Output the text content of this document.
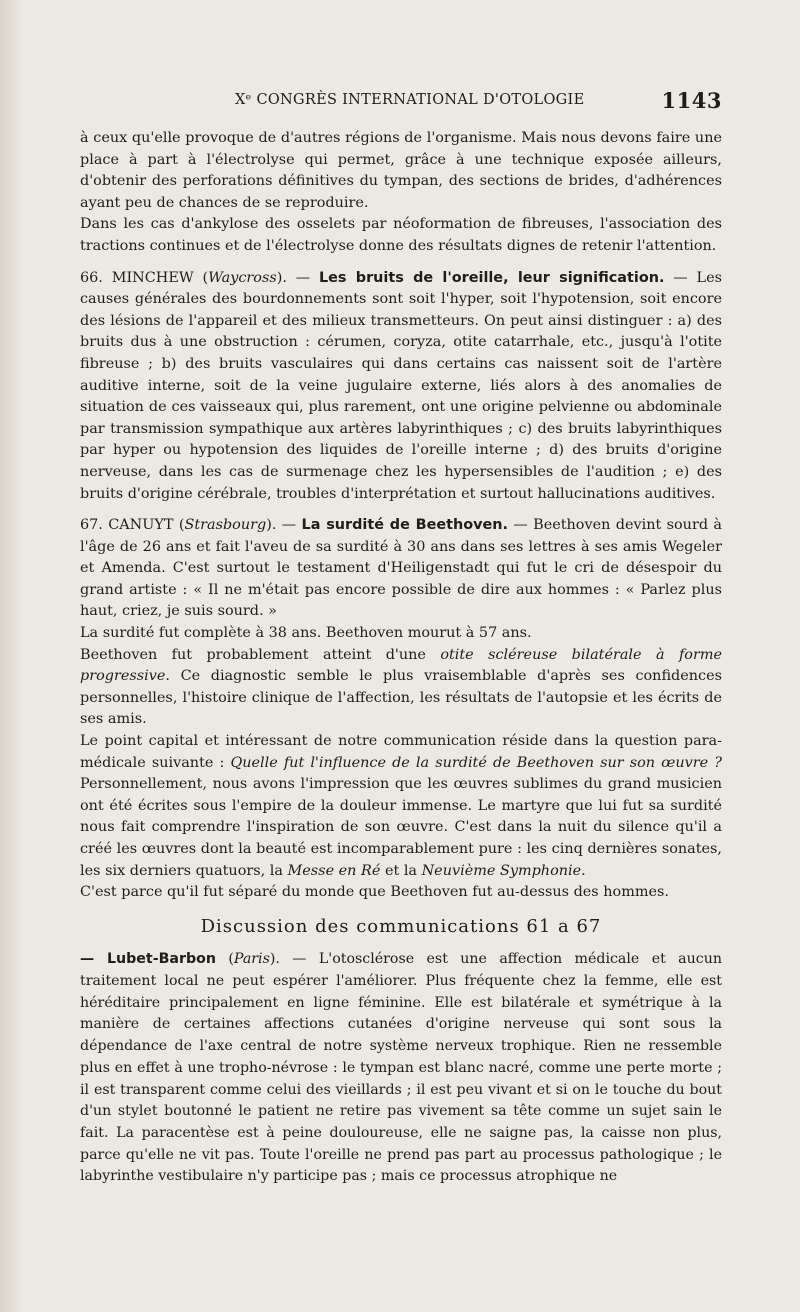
Xᵉ CONGRÈS INTERNATIONAL D'OTOLOGIE	1143

à ceux qu'elle provoque de d'autres régions de l'organisme. Mais nous devons faire une place à part à l'électrolyse qui permet, grâce à une technique exposée ailleurs, d'obtenir des perforations définitives du tympan, des sections de brides, d'adhérences ayant peu de chances de se reproduire.

Dans les cas d'ankylose des osselets par néoformation de fibreuses, l'association des tractions continues et de l'électrolyse donne des résultats dignes de retenir l'attention.

66. MINCHEW (Waycross). — Les bruits de l'oreille, leur signification. — Les causes générales des bourdonnements sont soit l'hyper, soit l'hypotension, soit encore des lésions de l'appareil et des milieux transmetteurs. On peut ainsi distinguer : a) des bruits dus à une obstruction : cérumen, coryza, otite catarrhale, etc., jusqu'à l'otite fibreuse ; b) des bruits vasculaires qui dans certains cas naissent soit de l'artère auditive interne, soit de la veine jugulaire externe, liés alors à des anomalies de situation de ces vaisseaux qui, plus rarement, ont une origine pelvienne ou abdominale par transmission sympathique aux artères labyrinthiques ; c) des bruits labyrinthiques par hyper ou hypotension des liquides de l'oreille interne ; d) des bruits d'origine nerveuse, dans les cas de surmenage chez les hypersensibles de l'audition ; e) des bruits d'origine cérébrale, troubles d'interprétation et surtout hallucinations auditives.

67. CANUYT (Strasbourg). — La surdité de Beethoven. — Beethoven devint sourd à l'âge de 26 ans et fait l'aveu de sa surdité à 30 ans dans ses lettres à ses amis Wegeler et Amenda. C'est surtout le testament d'Heiligenstadt qui fut le cri de désespoir du grand artiste : « Il ne m'était pas encore possible de dire aux hommes : « Parlez plus haut, criez, je suis sourd. »

La surdité fut complète à 38 ans. Beethoven mourut à 57 ans.

Beethoven fut probablement atteint d'une otite scléreuse bilatérale à forme progressive. Ce diagnostic semble le plus vraisemblable d'après ses confidences personnelles, l'histoire clinique de l'affection, les résultats de l'autopsie et les écrits de ses amis.

Le point capital et intéressant de notre communication réside dans la question para-médicale suivante : Quelle fut l'influence de la surdité de Beethoven sur son œuvre ? Personnellement, nous avons l'impression que les œuvres sublimes du grand musicien ont été écrites sous l'empire de la douleur immense. Le martyre que lui fut sa surdité nous fait comprendre l'inspiration de son œuvre. C'est dans la nuit du silence qu'il a créé les œuvres dont la beauté est incomparablement pure : les cinq dernières sonates, les six derniers quatuors, la Messe en Ré et la Neuvième Symphonie.

C'est parce qu'il fut séparé du monde que Beethoven fut au-dessus des hommes.

Discussion des communications 61 a 67

— Lubet-Barbon (Paris). — L'otosclérose est une affection médicale et aucun traitement local ne peut espérer l'améliorer. Plus fréquente chez la femme, elle est héréditaire principalement en ligne féminine. Elle est bilatérale et symétrique à la manière de certaines affections cutanées d'origine nerveuse qui sont sous la dépendance de l'axe central de notre système nerveux trophique. Rien ne ressemble plus en effet à une tropho-névrose : le tympan est blanc nacré, comme une perte morte ; il est transparent comme celui des vieillards ; il est peu vivant et si on le touche du bout d'un stylet boutonné le patient ne retire pas vivement sa tête comme un sujet sain le fait. La paracentèse est à peine douloureuse, elle ne saigne pas, la caisse non plus, parce qu'elle ne vit pas. Toute l'oreille ne prend pas part au processus pathologique ; le labyrinthe vestibulaire n'y participe pas ; mais ce processus atrophique ne
